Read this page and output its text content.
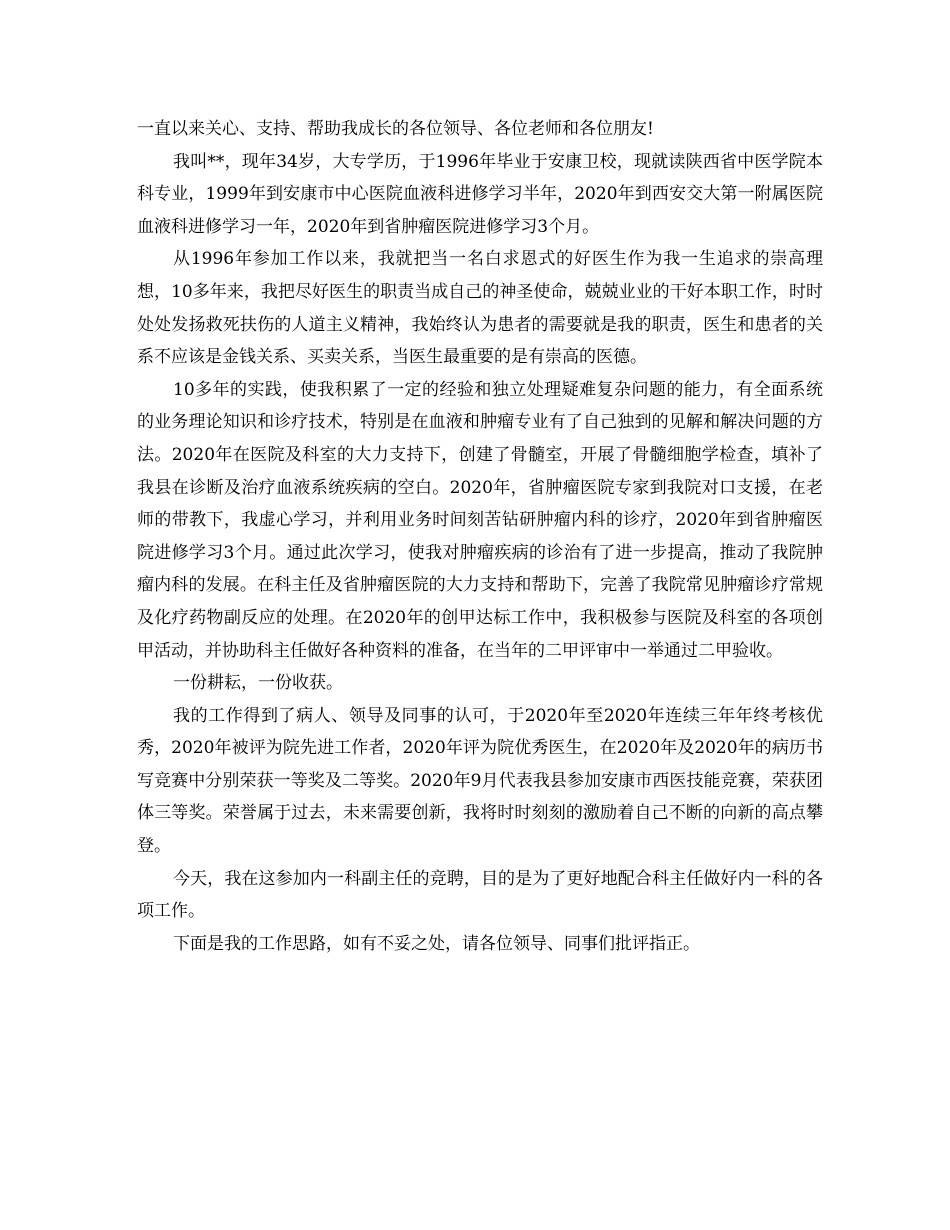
一直以来关心、支持、帮助我成长的各位领导、各位老师和各位朋友!

我叫**，现年34岁，大专学历，于1996年毕业于安康卫校，现就读陕西省中医学院本科专业，1999年到安康市中心医院血液科进修学习半年，2020年到西安交大第一附属医院血液科进修学习一年，2020年到省肿瘤医院进修学习3个月。

从1996年参加工作以来，我就把当一名白求恩式的好医生作为我一生追求的崇高理想，10多年来，我把尽好医生的职责当成自己的神圣使命，兢兢业业的干好本职工作，时时处处发扬救死扶伤的人道主义精神，我始终认为患者的需要就是我的职责，医生和患者的关系不应该是金钱关系、买卖关系，当医生最重要的是有崇高的医德。

10多年的实践，使我积累了一定的经验和独立处理疑难复杂问题的能力，有全面系统的业务理论知识和诊疗技术，特别是在血液和肿瘤专业有了自己独到的见解和解决问题的方法。2020年在医院及科室的大力支持下，创建了骨髓室，开展了骨髓细胞学检查，填补了我县在诊断及治疗血液系统疾病的空白。2020年，省肿瘤医院专家到我院对口支援，在老师的带教下，我虚心学习，并利用业务时间刻苦钻研肿瘤内科的诊疗，2020年到省肿瘤医院进修学习3个月。通过此次学习，使我对肿瘤疾病的诊治有了进一步提高，推动了我院肿瘤内科的发展。在科主任及省肿瘤医院的大力支持和帮助下，完善了我院常见肿瘤诊疗常规及化疗药物副反应的处理。在2020年的创甲达标工作中，我积极参与医院及科室的各项创甲活动，并协助科主任做好各种资料的准备，在当年的二甲评审中一举通过二甲验收。

一份耕耘，一份收获。

我的工作得到了病人、领导及同事的认可，于2020年至2020年连续三年年终考核优秀，2020年被评为院先进工作者，2020年评为院优秀医生，在2020年及2020年的病历书写竞赛中分别荣获一等奖及二等奖。2020年9月代表我县参加安康市西医技能竞赛，荣获团体三等奖。荣誉属于过去，未来需要创新，我将时时刻刻的激励着自己不断的向新的高点攀登。

今天，我在这参加内一科副主任的竞聘，目的是为了更好地配合科主任做好内一科的各项工作。

下面是我的工作思路，如有不妥之处，请各位领导、同事们批评指正。
